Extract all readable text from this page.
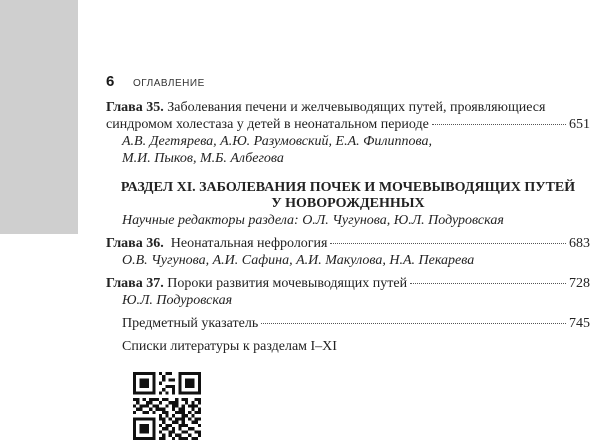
6 ОГЛАВЛЕНИЕ
Глава 35. Заболевания печени и желчевыводящих путей, проявляющиеся
синдромом холестаза у детей в неонатальном периоде	651
А.В. Дегтярева, А.Ю. Разумовский, Е.А. Филиппова,
М.И. Пыков, М.Б. Албегова
РАЗДЕЛ XI. ЗАБОЛЕВАНИЯ ПОЧЕК И МОЧЕВЫВОДЯЩИХ ПУТЕЙ
У НОВОРОЖДЕННЫХ
Научные редакторы раздела: О.Л. Чугунова, Ю.Л. Подуровская
Глава 36. Неонатальная нефрология	683
О.В. Чугунова, А.И. Сафина, А.И. Макулова, Н.А. Пекарева
Глава 37. Пороки развития мочевыводящих путей	728
Ю.Л. Подуровская
Предметный указатель	745
Списки литературы к разделам I–XI
